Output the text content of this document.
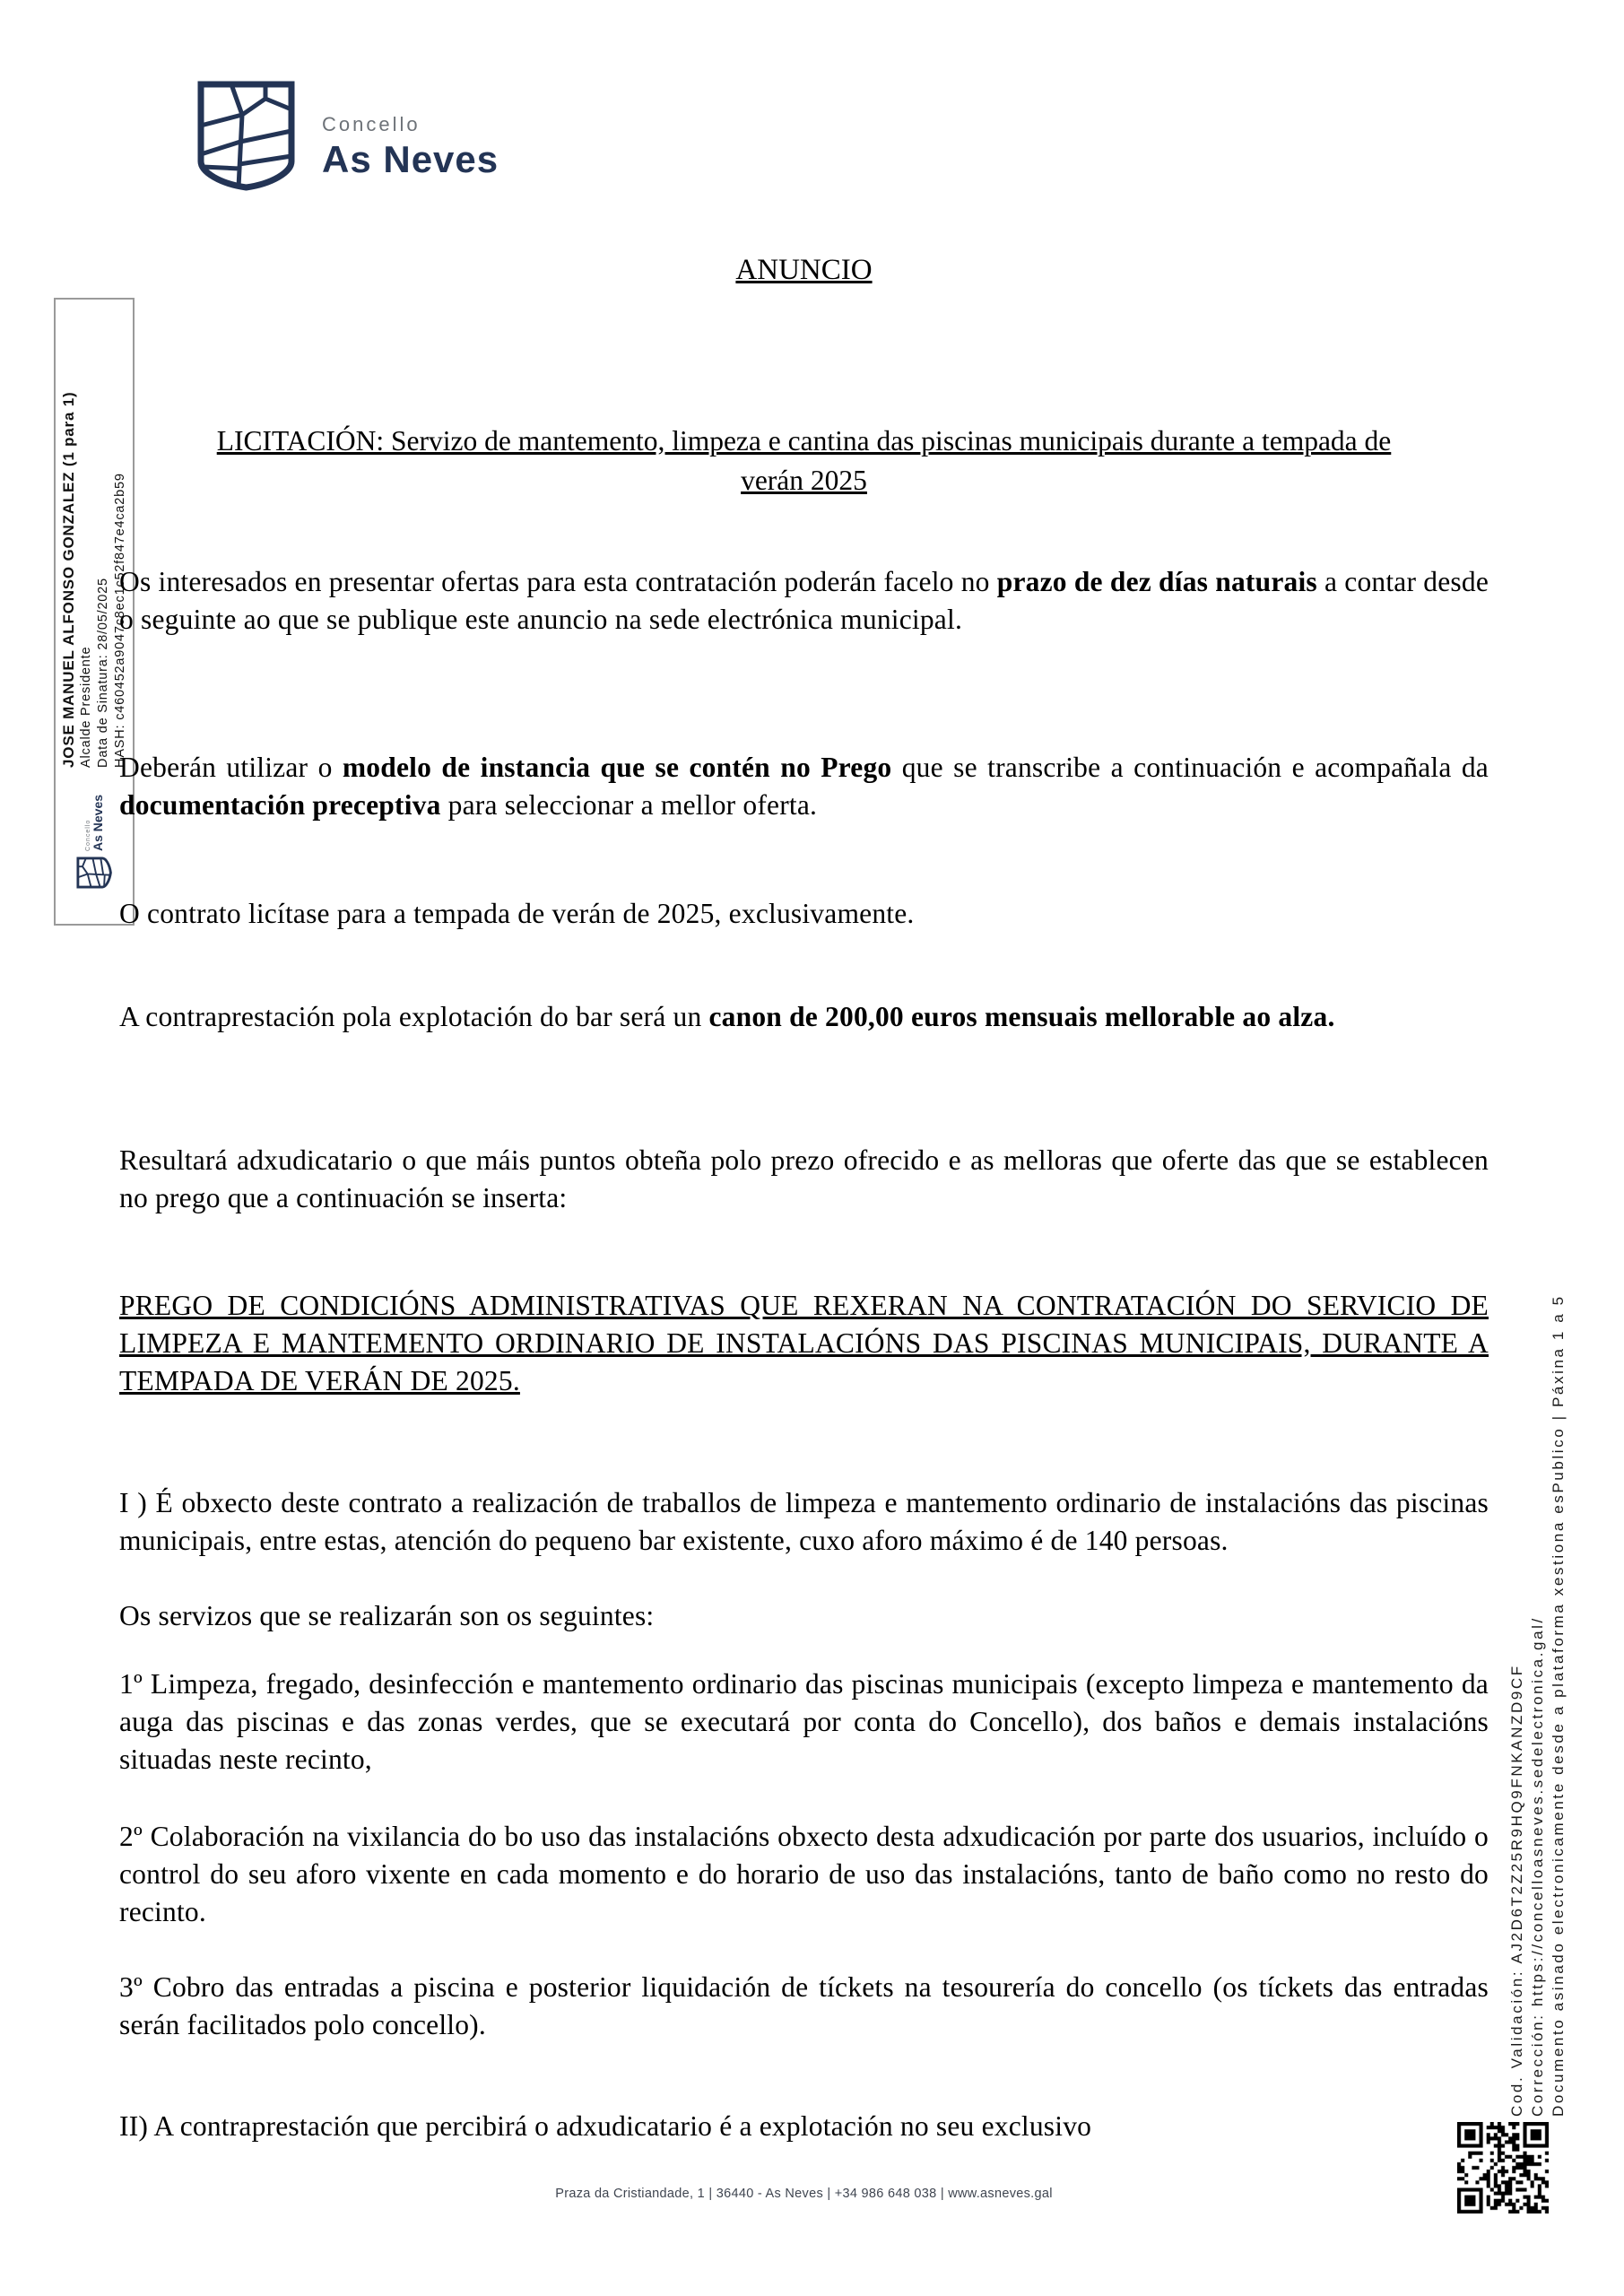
Concello
As Neves
Concello As Neves
JOSE MANUEL ALFONSO GONZALEZ (1 para 1) Alcalde Presidente Data de Sinatura: 28/05/2025 HASH: c460452a9047c8ec1c52f847e4ca2b59
Cod. Validación: AJ2D6T2Z25R9HQ9FNKANZD9CF Corrección: https://concelloasneves.sedelectronica.gal/ Documento asinado electronicamente desde a plataforma xestiona esPublico | Páxina 1 a 5
ANUNCIO
LICITACIÓN: Servizo de mantemento, limpeza e cantina das piscinas municipais durante a tempada de verán 2025

Os interesados en presentar ofertas para esta contratación poderán facelo no prazo de dez días naturais a contar desde o seguinte ao que se publique este anuncio na sede electrónica municipal.

Deberán utilizar o modelo de instancia que se contén no Prego que se transcribe a continuación e acompañala da documentación preceptiva para seleccionar a mellor oferta.

O contrato licítase para a tempada de verán de 2025, exclusivamente.

A contraprestación pola explotación do bar será un canon de 200,00 euros mensuais mellorable ao alza.

Resultará adxudicatario o que máis puntos obteña polo prezo ofrecido e as melloras que oferte das que se establecen no prego que a continuación se inserta:

PREGO DE CONDICIÓNS ADMINISTRATIVAS QUE REXERAN NA CONTRATACIÓN DO SERVICIO DE LIMPEZA E MANTEMENTO ORDINARIO DE INSTALACIÓNS DAS PISCINAS MUNICIPAIS, DURANTE A TEMPADA DE VERÁN DE 2025.

I ) É obxecto deste contrato a realización de traballos de limpeza e mantemento ordinario de instalacións das piscinas municipais, entre estas, atención do pequeno bar existente, cuxo aforo máximo é de 140 persoas.

Os servizos que se realizarán son os seguintes:

1º Limpeza, fregado, desinfección e mantemento ordinario das piscinas municipais (excepto limpeza e mantemento da auga das piscinas e das zonas verdes, que se executará por conta do Concello), dos baños e demais instalacións situadas neste recinto,

2º Colaboración na vixilancia do bo uso das instalacións obxecto desta adxudicación por parte dos usuarios, incluído o control do seu aforo vixente en cada momento e do horario de uso das instalacións, tanto de baño como no resto do recinto.

3º Cobro das entradas a piscina e posterior liquidación de tíckets na tesourería do concello (os tíckets das entradas serán facilitados polo concello).

II) A contraprestación que percibirá o adxudicatario é a explotación no seu exclusivo

Praza da Cristiandade, 1 | 36440 - As Neves | +34 986 648 038 | www.asneves.gal
